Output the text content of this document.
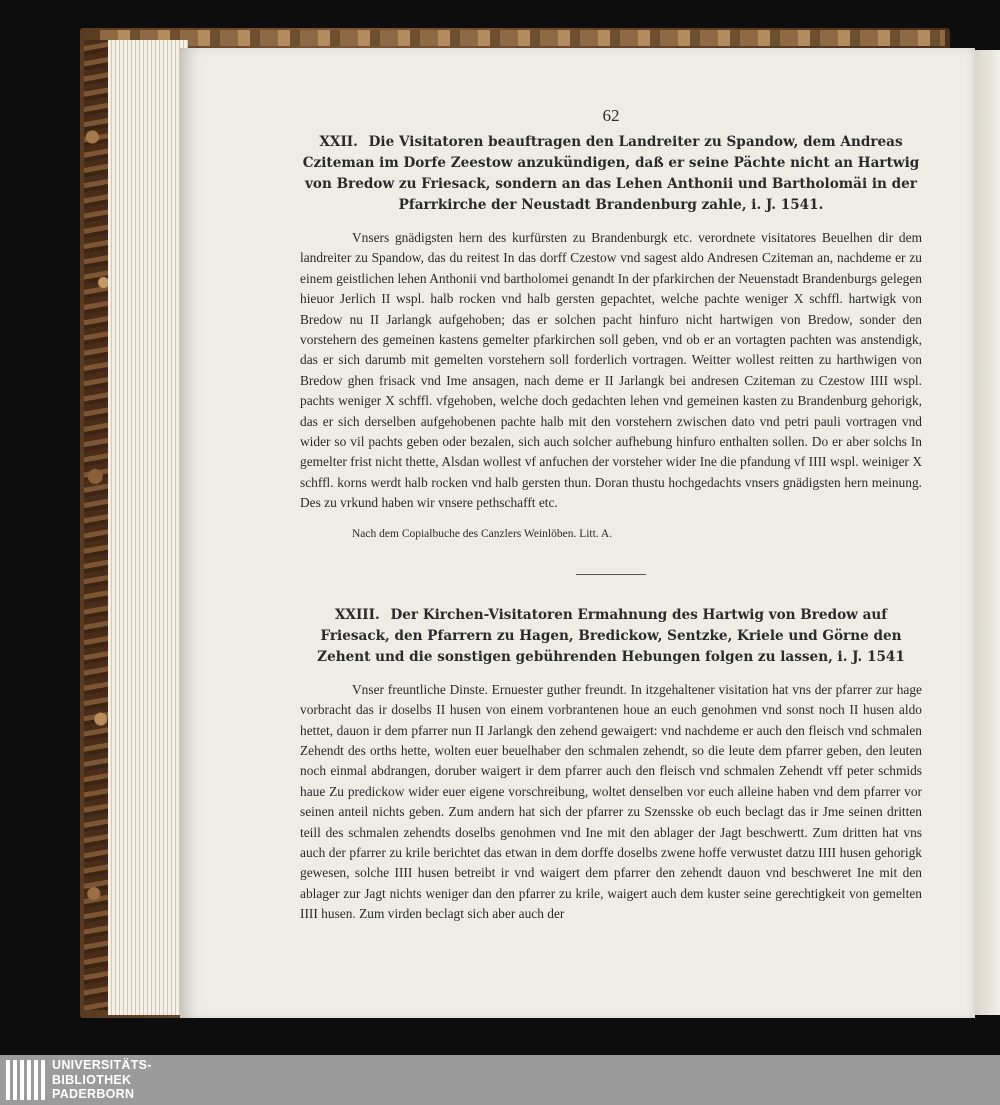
62

XXII. Die Visitatoren beauftragen den Landreiter zu Spandow, dem Andreas Cziteman im Dorfe Zeestow anzukündigen, daß er seine Pächte nicht an Hartwig von Bredow zu Friesack, sondern an das Lehen Anthonii und Bartholomäi in der Pfarrkirche der Neustadt Brandenburg zahle, i. J. 1541.

Vnsers gnädigsten hern des kurfürsten zu Brandenburgk etc. verordnete visitatores Beuelhen dir dem landreiter zu Spandow, das du reitest In das dorff Czestow vnd sagest aldo Andresen Cziteman an, nachdeme er zu einem geistlichen lehen Anthonii vnd bartholomei genandt In der pfarkirchen der Neuenstadt Brandenburgs gelegen hieuor Jerlich II wspl. halb rocken vnd halb gersten gepachtet, welche pachte weniger X schffl. hartwigk von Bredow nu II Jarlangk aufgehoben; das er solchen pacht hinfuro nicht hartwigen von Bredow, sonder den vorstehern des gemeinen kastens gemelter pfarkirchen soll geben, vnd ob er an vortagten pachten was anstendigk, das er sich darumb mit gemelten vorstehern soll forderlich vortragen. Weitter wollest reitten zu harthwigen von Bredow ghen frisack vnd Ime ansagen, nach deme er II Jarlangk bei andresen Cziteman zu Czestow IIII wspl. pachts weniger X schffl. vfgehoben, welche doch gedachten lehen vnd gemeinen kasten zu Brandenburg gehorigk, das er sich derselben aufgehobenen pachte halb mit den vorstehern zwischen dato vnd petri pauli vortragen vnd wider so vil pachts geben oder bezalen, sich auch solcher aufhebung hinfuro enthalten sollen. Do er aber solchs In gemelter frist nicht thette, Alsdan wollest vf anfuchen der vorsteher wider Ine die pfandung vf IIII wspl. weiniger X schffl. korns werdt halb rocken vnd halb gersten thun. Doran thustu hochgedachts vnsers gnädigsten hern meinung. Des zu vrkund haben wir vnsere pethschafft etc.

Nach dem Copialbuche des Canzlers Weinlöben. Litt. A.

XXIII. Der Kirchen-Visitatoren Ermahnung des Hartwig von Bredow auf Friesack, den Pfarrern zu Hagen, Bredickow, Sentzke, Kriele und Görne den Zehent und die sonstigen gebührenden Hebungen folgen zu lassen, i. J. 1541

Vnser freuntliche Dinste. Ernuester guther freundt. In itzgehaltener visitation hat vns der pfarrer zur hage vorbracht das ir doselbs II husen von einem vorbrantenen houe an euch genohmen vnd sonst noch II husen aldo hettet, dauon ir dem pfarrer nun II Jarlangk den zehend gewaigert: vnd nachdeme er auch den fleisch vnd schmalen Zehendt des orths hette, wolten euer beuelhaber den schmalen zehendt, so die leute dem pfarrer geben, den leuten noch einmal abdrangen, doruber waigert ir dem pfarrer auch den fleisch vnd schmalen Zehendt vff peter schmids haue Zu predickow wider euer eigene vorschreibung, woltet denselben vor euch alleine haben vnd dem pfarrer vor seinen anteil nichts geben. Zum andern hat sich der pfarrer zu Szensske ob euch beclagt das ir Jme seinen dritten teill des schmalen zehendts doselbs genohmen vnd Ine mit den ablager der Jagt beschwertt. Zum dritten hat vns auch der pfarrer zu krile berichtet das etwan in dem dorffe doselbs zwene hoffe verwustet datzu IIII husen gehorigk gewesen, solche IIII husen betreibt ir vnd waigert dem pfarrer den zehendt dauon vnd beschweret Ine mit den ablager zur Jagt nichts weniger dan den pfarrer zu krile, waigert auch dem kuster seine gerechtigkeit von gemelten IIII husen. Zum virden beclagt sich aber auch der

UNIVERSITÄTS-
BIBLIOTHEK
PADERBORN
